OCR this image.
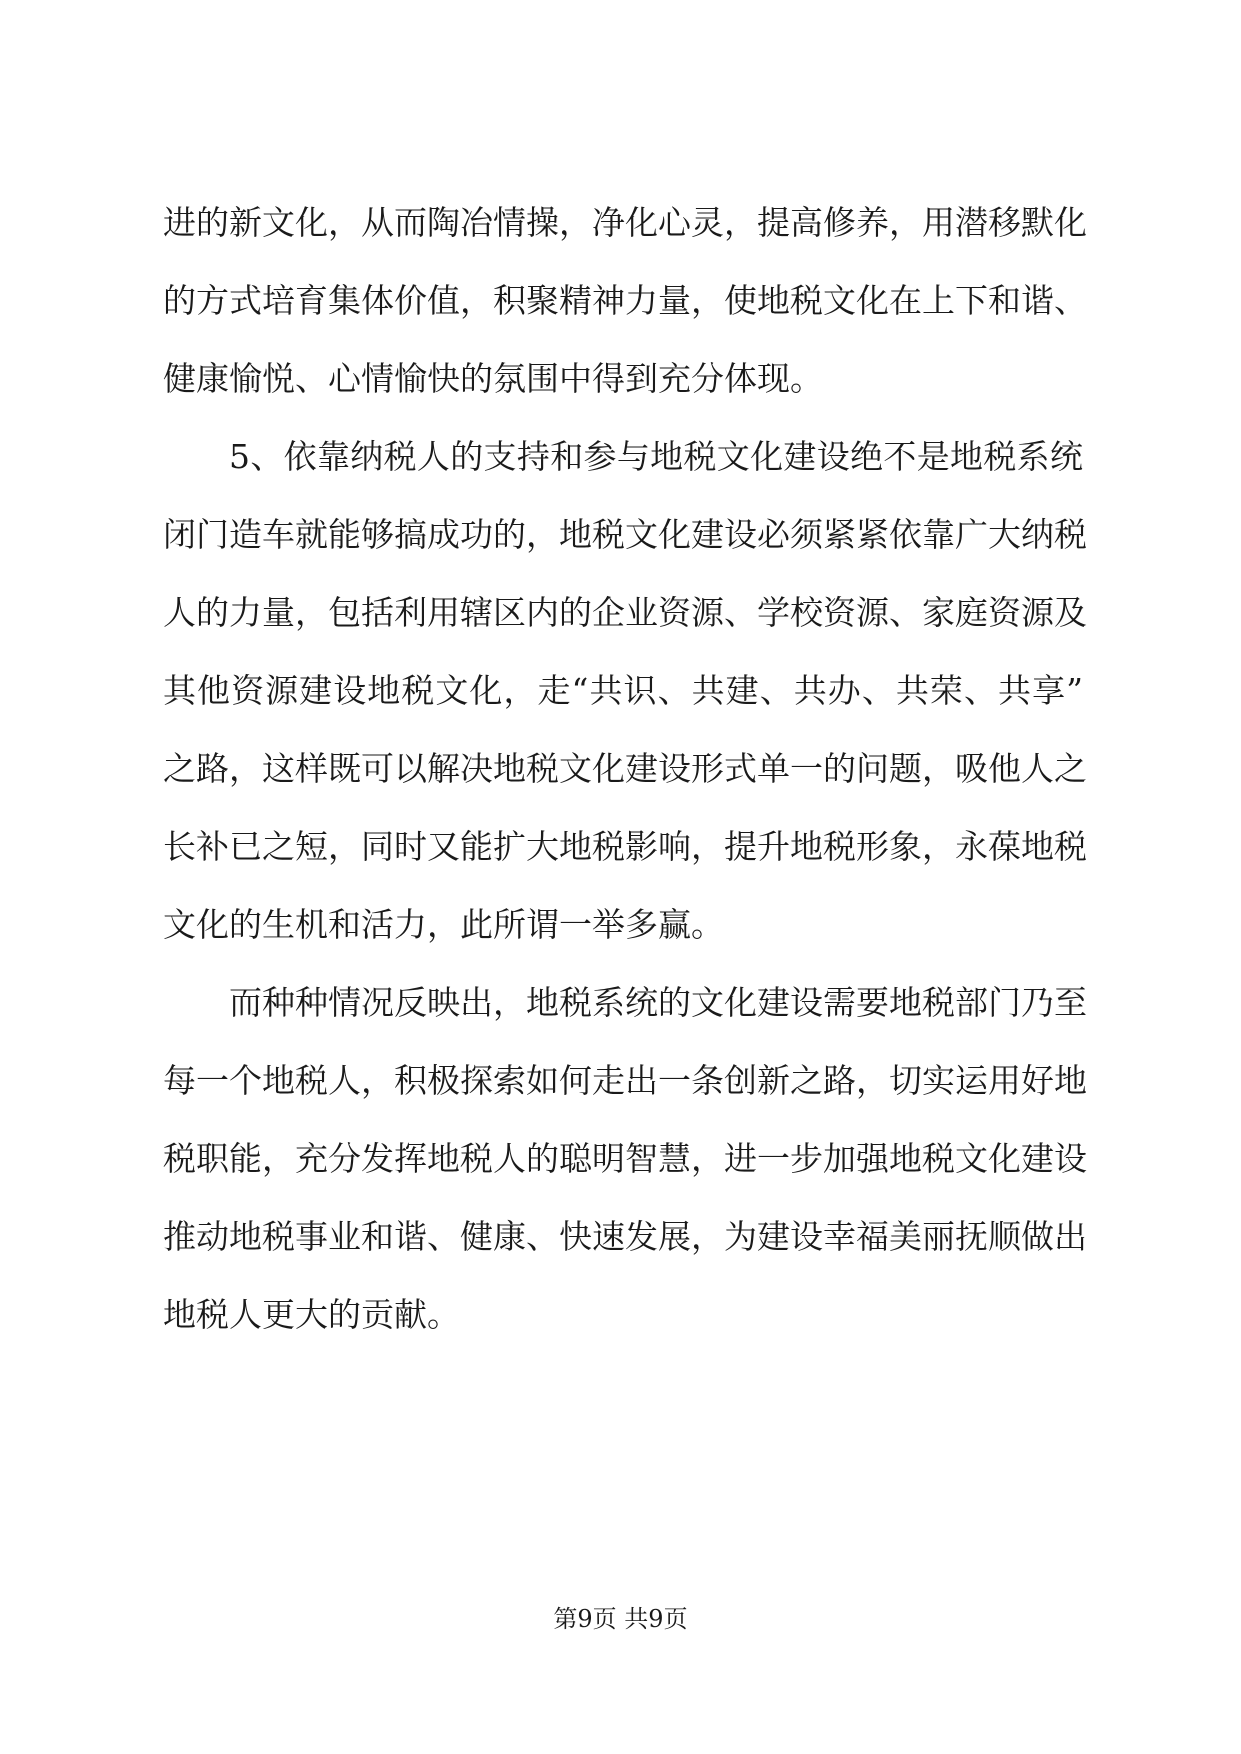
进的新文化，从而陶冶情操，净化心灵，提高修养，用潜移默化
的方式培育集体价值，积聚精神力量，使地税文化在上下和谐、
健康愉悦、心情愉快的氛围中得到充分体现。
5、依靠纳税人的支持和参与地税文化建设绝不是地税系统
闭门造车就能够搞成功的，地税文化建设必须紧紧依靠广大纳税
人的力量，包括利用辖区内的企业资源、学校资源、家庭资源及
其他资源建设地税文化，走“共识、共建、共办、共荣、共享”
之路，这样既可以解决地税文化建设形式单一的问题，吸他人之
长补已之短，同时又能扩大地税影响，提升地税形象，永葆地税
文化的生机和活力，此所谓一举多赢。
而种种情况反映出，地税系统的文化建设需要地税部门乃至
每一个地税人，积极探索如何走出一条创新之路，切实运用好地
税职能，充分发挥地税人的聪明智慧，进一步加强地税文化建设
推动地税事业和谐、健康、快速发展，为建设幸福美丽抚顺做出
地税人更大的贡献。
第9页 共9页
